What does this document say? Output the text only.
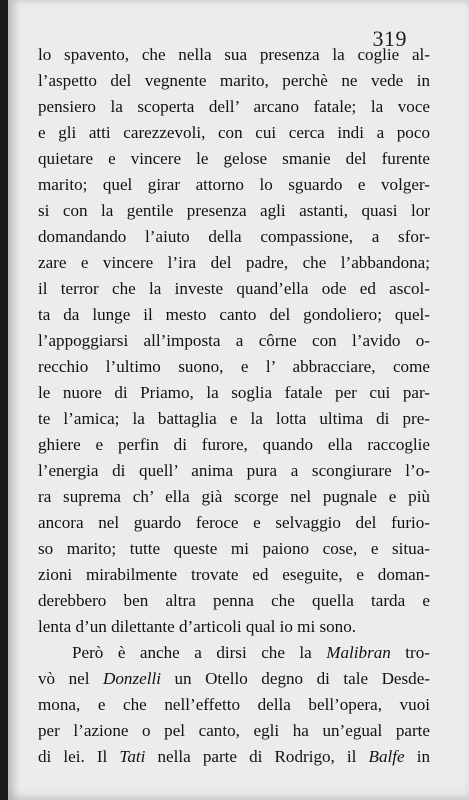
319
lo spavento, che nella sua presenza la coglie al-
l’aspetto del vegnente marito, perchè ne vede in
pensiero la scoperta dell’ arcano fatale; la voce
e gli atti carezzevoli, con cui cerca indi a poco
quietare e vincere le gelose smanie del furente
marito; quel girar attorno lo sguardo e volger-
si con la gentile presenza agli astanti, quasi lor
domandando l’aiuto della compassione, a sfor-
zare e vincere l’ira del padre, che l’abbandona;
il terror che la investe quand’ella ode ed ascol-
ta da lunge il mesto canto del gondoliero; quel-
l’appoggiarsi all’imposta a côrne con l’avido o-
recchio l’ultimo suono, e l’ abbracciare, come
le nuore di Priamo, la soglia fatale per cui par-
te l’amica; la battaglia e la lotta ultima di pre-
ghiere e perfin di furore, quando ella raccoglie
l’energia di quell’ anima pura a scongiurare l’o-
ra suprema ch’ ella già scorge nel pugnale e più
ancora nel guardo feroce e selvaggio del furio-
so marito; tutte queste mi paiono cose, e situa-
zioni mirabilmente trovate ed eseguite, e doman-
derebbero ben altra penna che quella tarda e
lenta d’un dilettante d’articoli qual io mi sono.
Però è anche a dirsi che la Malibran tro-
vò nel Donzelli un Otello degno di tale Desde-
mona, e che nell’effetto della bell’opera, vuoi
per l’azione o pel canto, egli ha un’egual parte
di lei. Il Tati nella parte di Rodrigo, il Balfe in
